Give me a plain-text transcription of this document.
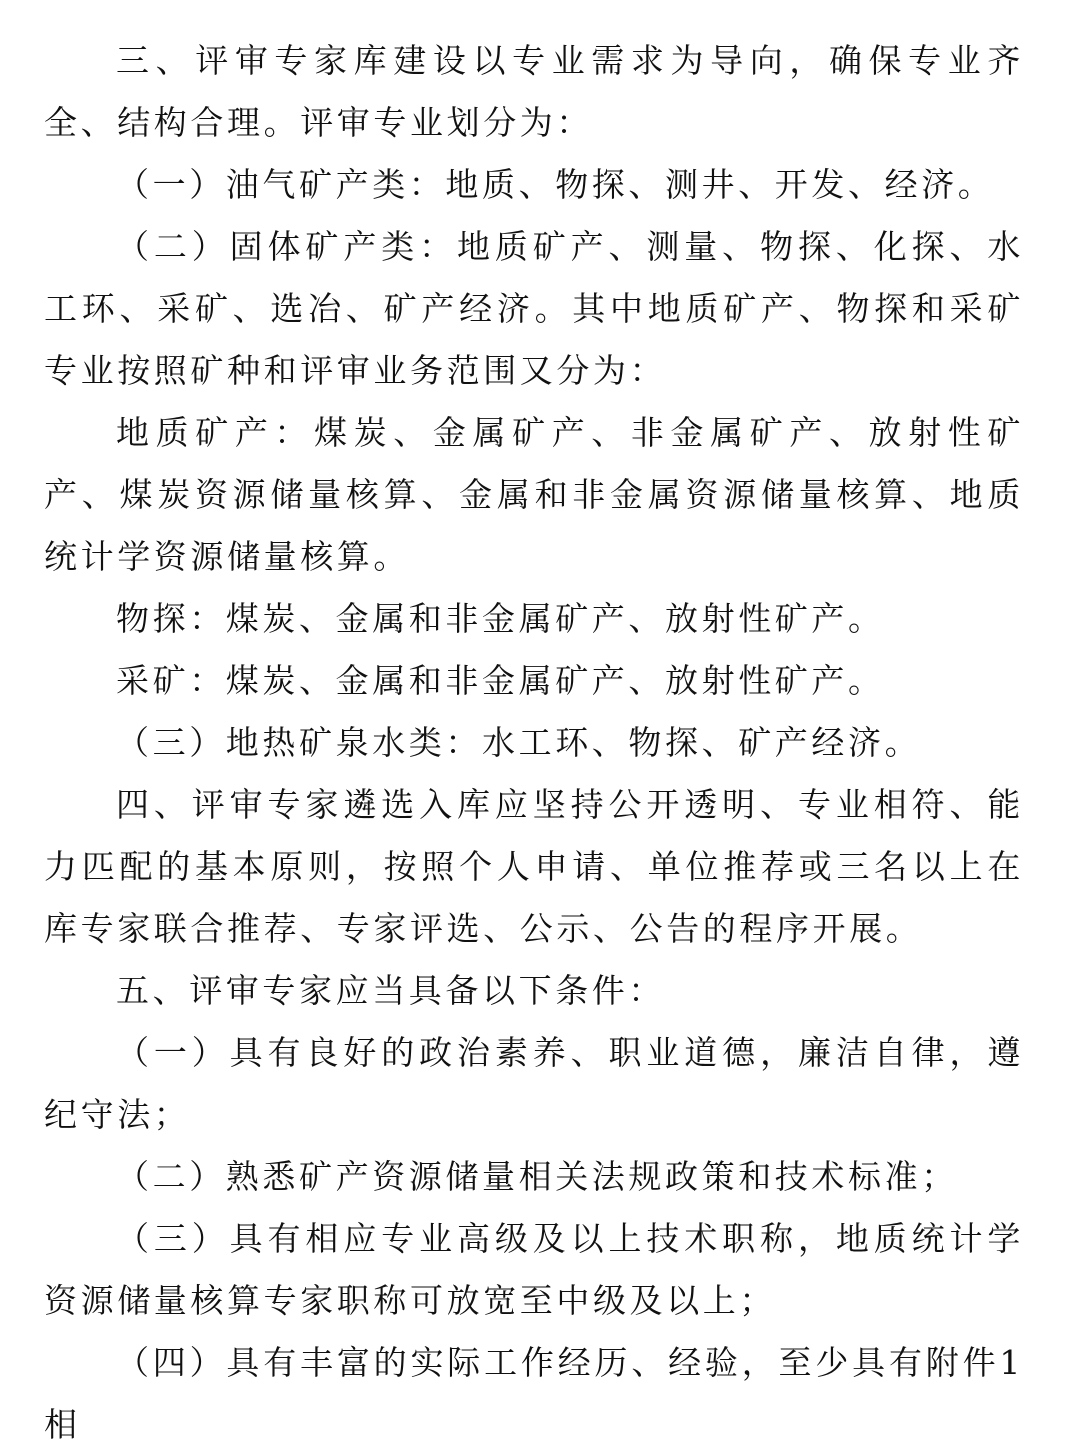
三、评审专家库建设以专业需求为导向，确保专业齐全、结构合理。评审专业划分为：

（一）油气矿产类：地质、物探、测井、开发、经济。

（二）固体矿产类：地质矿产、测量、物探、化探、水工环、采矿、选冶、矿产经济。其中地质矿产、物探和采矿专业按照矿种和评审业务范围又分为：

地质矿产：煤炭、金属矿产、非金属矿产、放射性矿产、煤炭资源储量核算、金属和非金属资源储量核算、地质统计学资源储量核算。

物探：煤炭、金属和非金属矿产、放射性矿产。

采矿：煤炭、金属和非金属矿产、放射性矿产。

（三）地热矿泉水类：水工环、物探、矿产经济。

四、评审专家遴选入库应坚持公开透明、专业相符、能力匹配的基本原则，按照个人申请、单位推荐或三名以上在库专家联合推荐、专家评选、公示、公告的程序开展。

五、评审专家应当具备以下条件：

（一）具有良好的政治素养、职业道德，廉洁自律，遵纪守法；

（二）熟悉矿产资源储量相关法规政策和技术标准；

（三）具有相应专业高级及以上技术职称，地质统计学资源储量核算专家职称可放宽至中级及以上；

（四）具有丰富的实际工作经历、经验，至少具有附件1相
